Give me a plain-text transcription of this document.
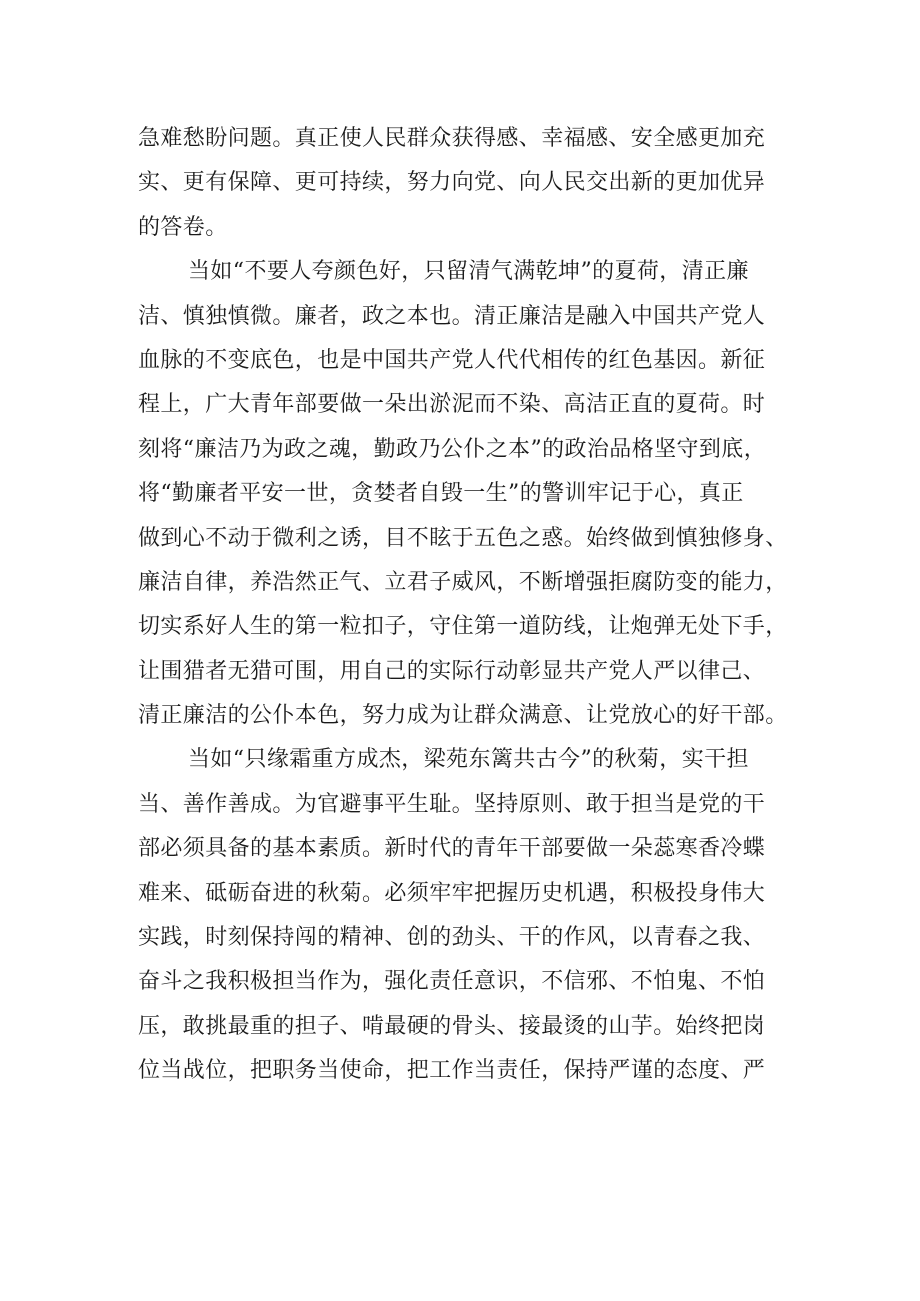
急难愁盼问题。真正使人民群众获得感、幸福感、安全感更加充
实、更有保障、更可持续，努力向党、向人民交出新的更加优异
的答卷。
当如“不要人夸颜色好，只留清气满乾坤”的夏荷，清正廉
洁、慎独慎微。廉者，政之本也。清正廉洁是融入中国共产党人
血脉的不变底色，也是中国共产党人代代相传的红色基因。新征
程上，广大青年部要做一朵出淤泥而不染、高洁正直的夏荷。时
刻将“廉洁乃为政之魂，勤政乃公仆之本”的政治品格坚守到底，
将“勤廉者平安一世，贪婪者自毁一生”的警训牢记于心，真正
做到心不动于微利之诱，目不眩于五色之惑。始终做到慎独修身、
廉洁自律，养浩然正气、立君子威风，不断增强拒腐防变的能力，
切实系好人生的第一粒扣子，守住第一道防线，让炮弹无处下手，
让围猎者无猎可围，用自己的实际行动彰显共产党人严以律己、
清正廉洁的公仆本色，努力成为让群众满意、让党放心的好干部。
当如“只缘霜重方成杰，梁苑东篱共古今”的秋菊，实干担
当、善作善成。为官避事平生耻。坚持原则、敢于担当是党的干
部必须具备的基本素质。新时代的青年干部要做一朵蕊寒香冷蝶
难来、砥砺奋进的秋菊。必须牢牢把握历史机遇，积极投身伟大
实践，时刻保持闯的精神、创的劲头、干的作风，以青春之我、
奋斗之我积极担当作为，强化责任意识，不信邪、不怕鬼、不怕
压，敢挑最重的担子、啃最硬的骨头、接最烫的山芋。始终把岗
位当战位，把职务当使命，把工作当责任，保持严谨的态度、严
